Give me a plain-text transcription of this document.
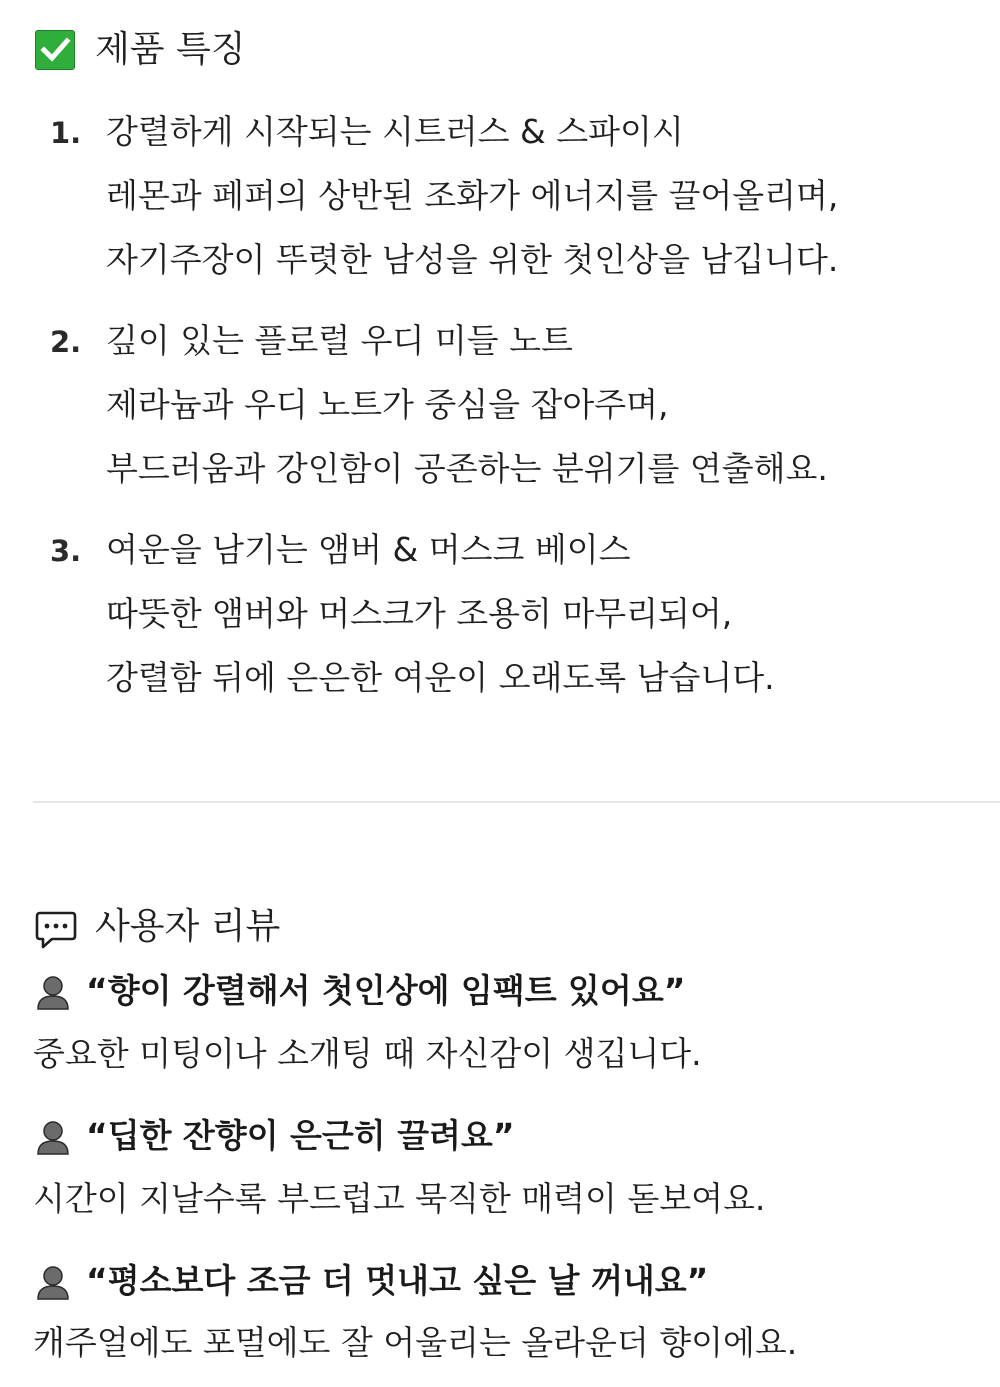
제품 특징
1. 강렬하게 시작되는 시트러스 & 스파이시
레몬과 페퍼의 상반된 조화가 에너지를 끌어올리며,
자기주장이 뚜렷한 남성을 위한 첫인상을 남깁니다.
2. 깊이 있는 플로럴 우디 미들 노트
제라늄과 우디 노트가 중심을 잡아주며,
부드러움과 강인함이 공존하는 분위기를 연출해요.
3. 여운을 남기는 앰버 & 머스크 베이스
따뜻한 앰버와 머스크가 조용히 마무리되어,
강렬함 뒤에 은은한 여운이 오래도록 남습니다.
사용자 리뷰
“향이 강렬해서 첫인상에 임팩트 있어요”
중요한 미팅이나 소개팅 때 자신감이 생깁니다.
“딥한 잔향이 은근히 끌려요”
시간이 지날수록 부드럽고 묵직한 매력이 돋보여요.
“평소보다 조금 더 멋내고 싶은 날 꺼내요”
캐주얼에도 포멀에도 잘 어울리는 올라운더 향이에요.
